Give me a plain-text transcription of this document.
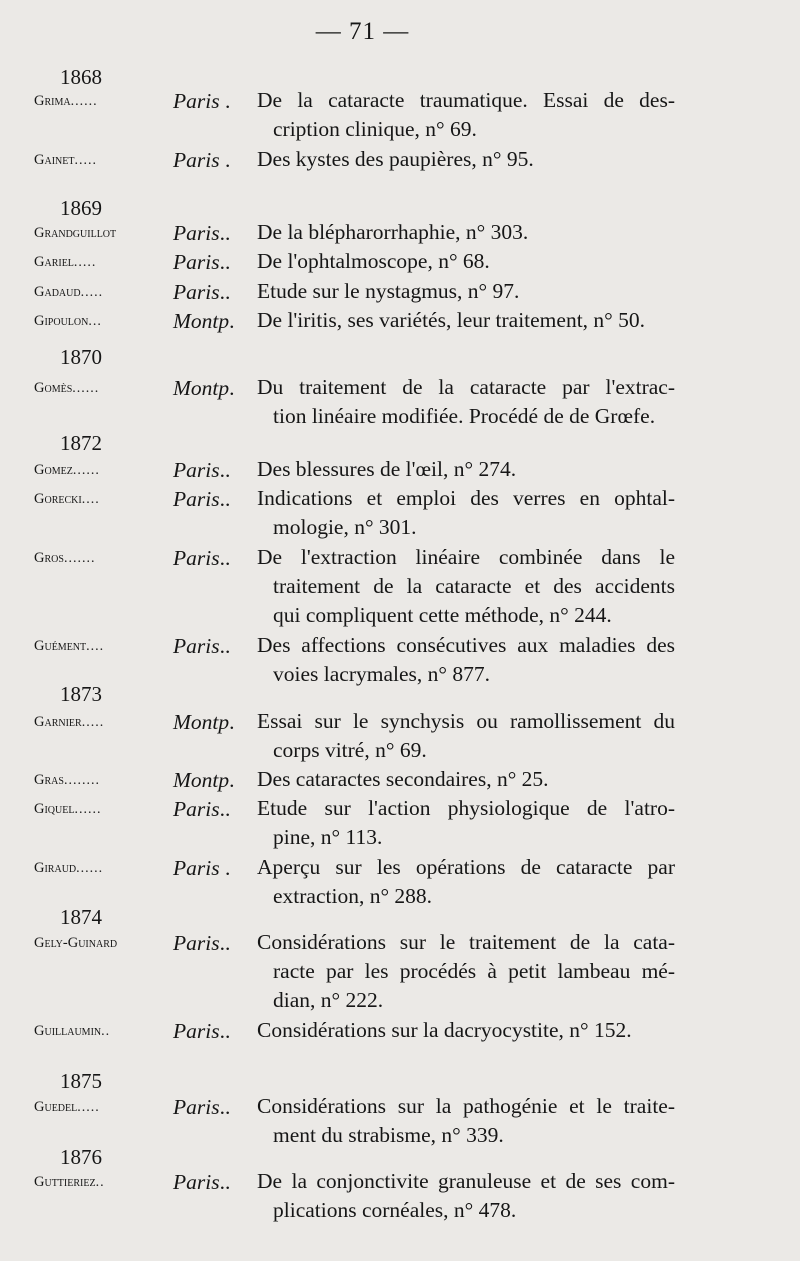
— 71 —
1868
Grima......	Paris . De la cataracte traumatique. Essai de des-
cription clinique, n° 69.
Gainet.....	Paris . Des kystes des paupières, n° 95.
1869
Grandguillot	Paris.. De la blépharorrhaphie, n° 303.
Gariel.....	Paris.. De l'ophtalmoscope, n° 68.
Gadaud.....	Paris.. Etude sur le nystagmus, n° 97.
Gipoulon...	Montp. De l'iritis, ses variétés, leur traitement, n° 50.
1870
Gomès......	Montp. Du traitement de la cataracte par l'extrac-
tion linéaire modifiée. Procédé de de Grœfe.
1872
Gomez......	Paris.. Des blessures de l'œil, n° 274.
Gorecki....	Paris.. Indications et emploi des verres en ophtal-
mologie, n° 301.
Gros.......	Paris.. De l'extraction linéaire combinée dans le
traitement de la cataracte et des accidents
qui compliquent cette méthode, n° 244.
Guément....	Paris.. Des affections consécutives aux maladies des
voies lacrymales, n° 877.
1873
Garnier.....	Montp. Essai sur le synchysis ou ramollissement du
corps vitré, n° 69.
Gras........	Montp. Des cataractes secondaires, n° 25.
Giquel......	Paris.. Etude sur l'action physiologique de l'atro-
pine, n° 113.
Giraud......	Paris . Aperçu sur les opérations de cataracte par
extraction, n° 288.
1874
Gely-Guinard	Paris.. Considérations sur le traitement de la cata-
racte par les procédés à petit lambeau mé-
dian, n° 222.
Guillaumin..	Paris.. Considérations sur la dacryocystite, n° 152.
1875
Guedel.....	Paris.. Considérations sur la pathogénie et le traite-
ment du strabisme, n° 339.
1876
Guttieriez..	Paris.. De la conjonctivite granuleuse et de ses com-
plications cornéales, n° 478.
